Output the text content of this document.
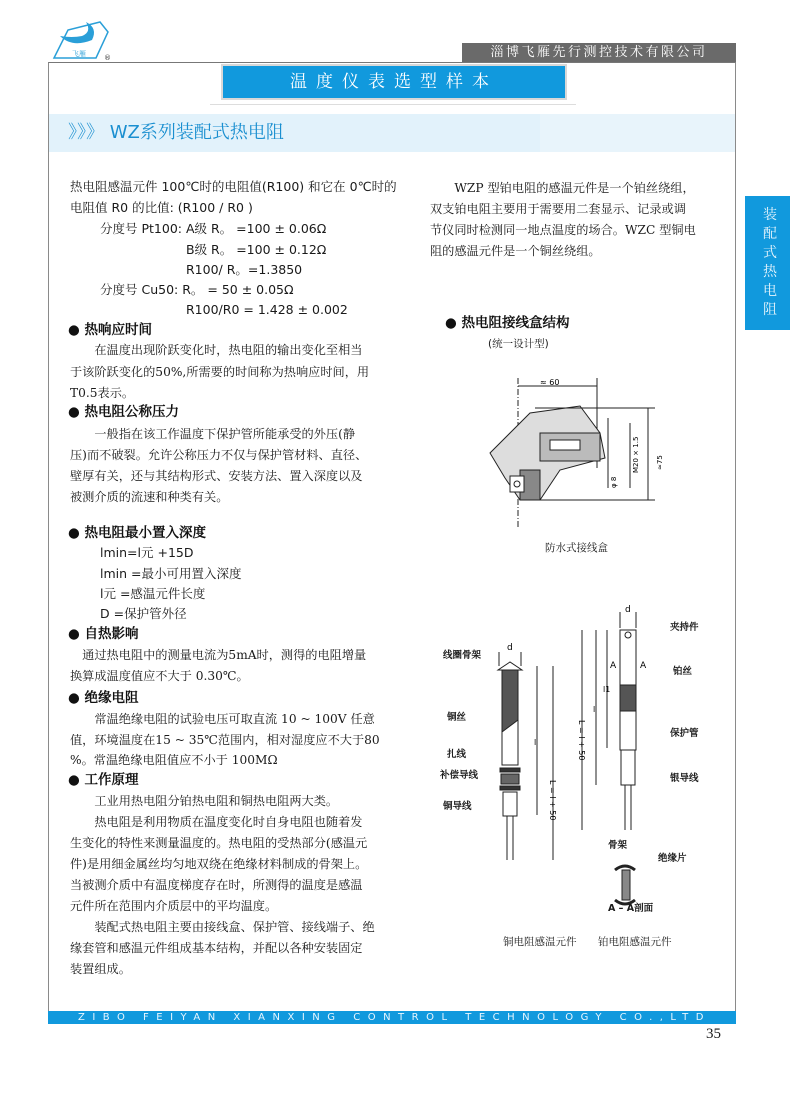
飞雁	®	淄博飞雁先行测控技术有限公司
温度仪表选型样本
》》》 WZ系列装配式热电阻
装配式热电阻
热电阻感温元件 100℃时的电阻值(R100) 和它在 0℃时的
电阻值 R0 的比值: (R100 ∕ R0 )
分度号 Pt100: A级 R。 =100 ± 0.06Ω
B级 R。 =100 ± 0.12Ω
R100∕ R。=1.3850
分度号 Cu50: R。 = 50 ± 0.05Ω
R100∕R0 = 1.428 ± 0.002
● 热响应时间
　　在温度出现阶跃变化时，热电阻的输出变化至相当
于该阶跃变化的50%,所需要的时间称为热响应时间，用
T0.5表示。
● 热电阻公称压力
　　一般指在该工作温度下保护管所能承受的外压(静
压)而不破裂。允许公称压力不仅与保护管材料、直径、
壁厚有关，还与其结构形式、安装方法、置入深度以及
被测介质的流速和种类有关。
● 热电阻最小置入深度
lmin=l元 +15D
lmin =最小可用置入深度
l元 =感温元件长度
D =保护管外径
● 自热影响
　通过热电阻中的测量电流为5mA时，测得的电阻增量
换算成温度值应不大于 0.30℃。
● 绝缘电阻
　　常温绝缘电阻的试验电压可取直流 10 ~ 100V 任意
值，环境温度在15 ~ 35℃范围内，相对湿度应不大于80
%。常温绝缘电阻值应不小于 100MΩ
● 工作原理
　　工业用热电阻分铂热电阻和铜热电阻两大类。
　　热电阻是利用物质在温度变化时自身电阻也随着发
生变化的特性来测量温度的。热电阻的受热部分(感温元
件)是用细金属丝均匀地双绕在绝缘材料制成的骨架上。
当被测介质中有温度梯度存在时，所测得的温度是感温
元件所在范围内介质层中的平均温度。
　　装配式热电阻主要由接线盒、保护管、接线端子、绝
缘套管和感温元件组成基本结构，并配以各种安装固定
装置组成。
　　WZP 型铂电阻的感温元件是一个铂丝绕组，
双支铂电阻主要用于需要用二套显示、记录或调
节仪同时检测同一地点温度的场合。WZC 型铜电
阻的感温元件是一个铜丝绕组。
● 热电阻接线盒结构
(统一设计型)
≈ 60
M20 × 1.5
φ 8
≈75
防水式接线盒
d
d
L = l + 50
L = l + 50
l
l
l1
A	A
线圈骨架
铜丝
扎线
补偿导线
铜导线
夹持件
铂丝
保护管
银导线
骨架
绝缘片
A – A剖面
铜电阻感温元件 铂电阻感温元件
ZIBO FEIYAN XIANXING CONTROL TECHNOLOGY CO.,LTD
35
